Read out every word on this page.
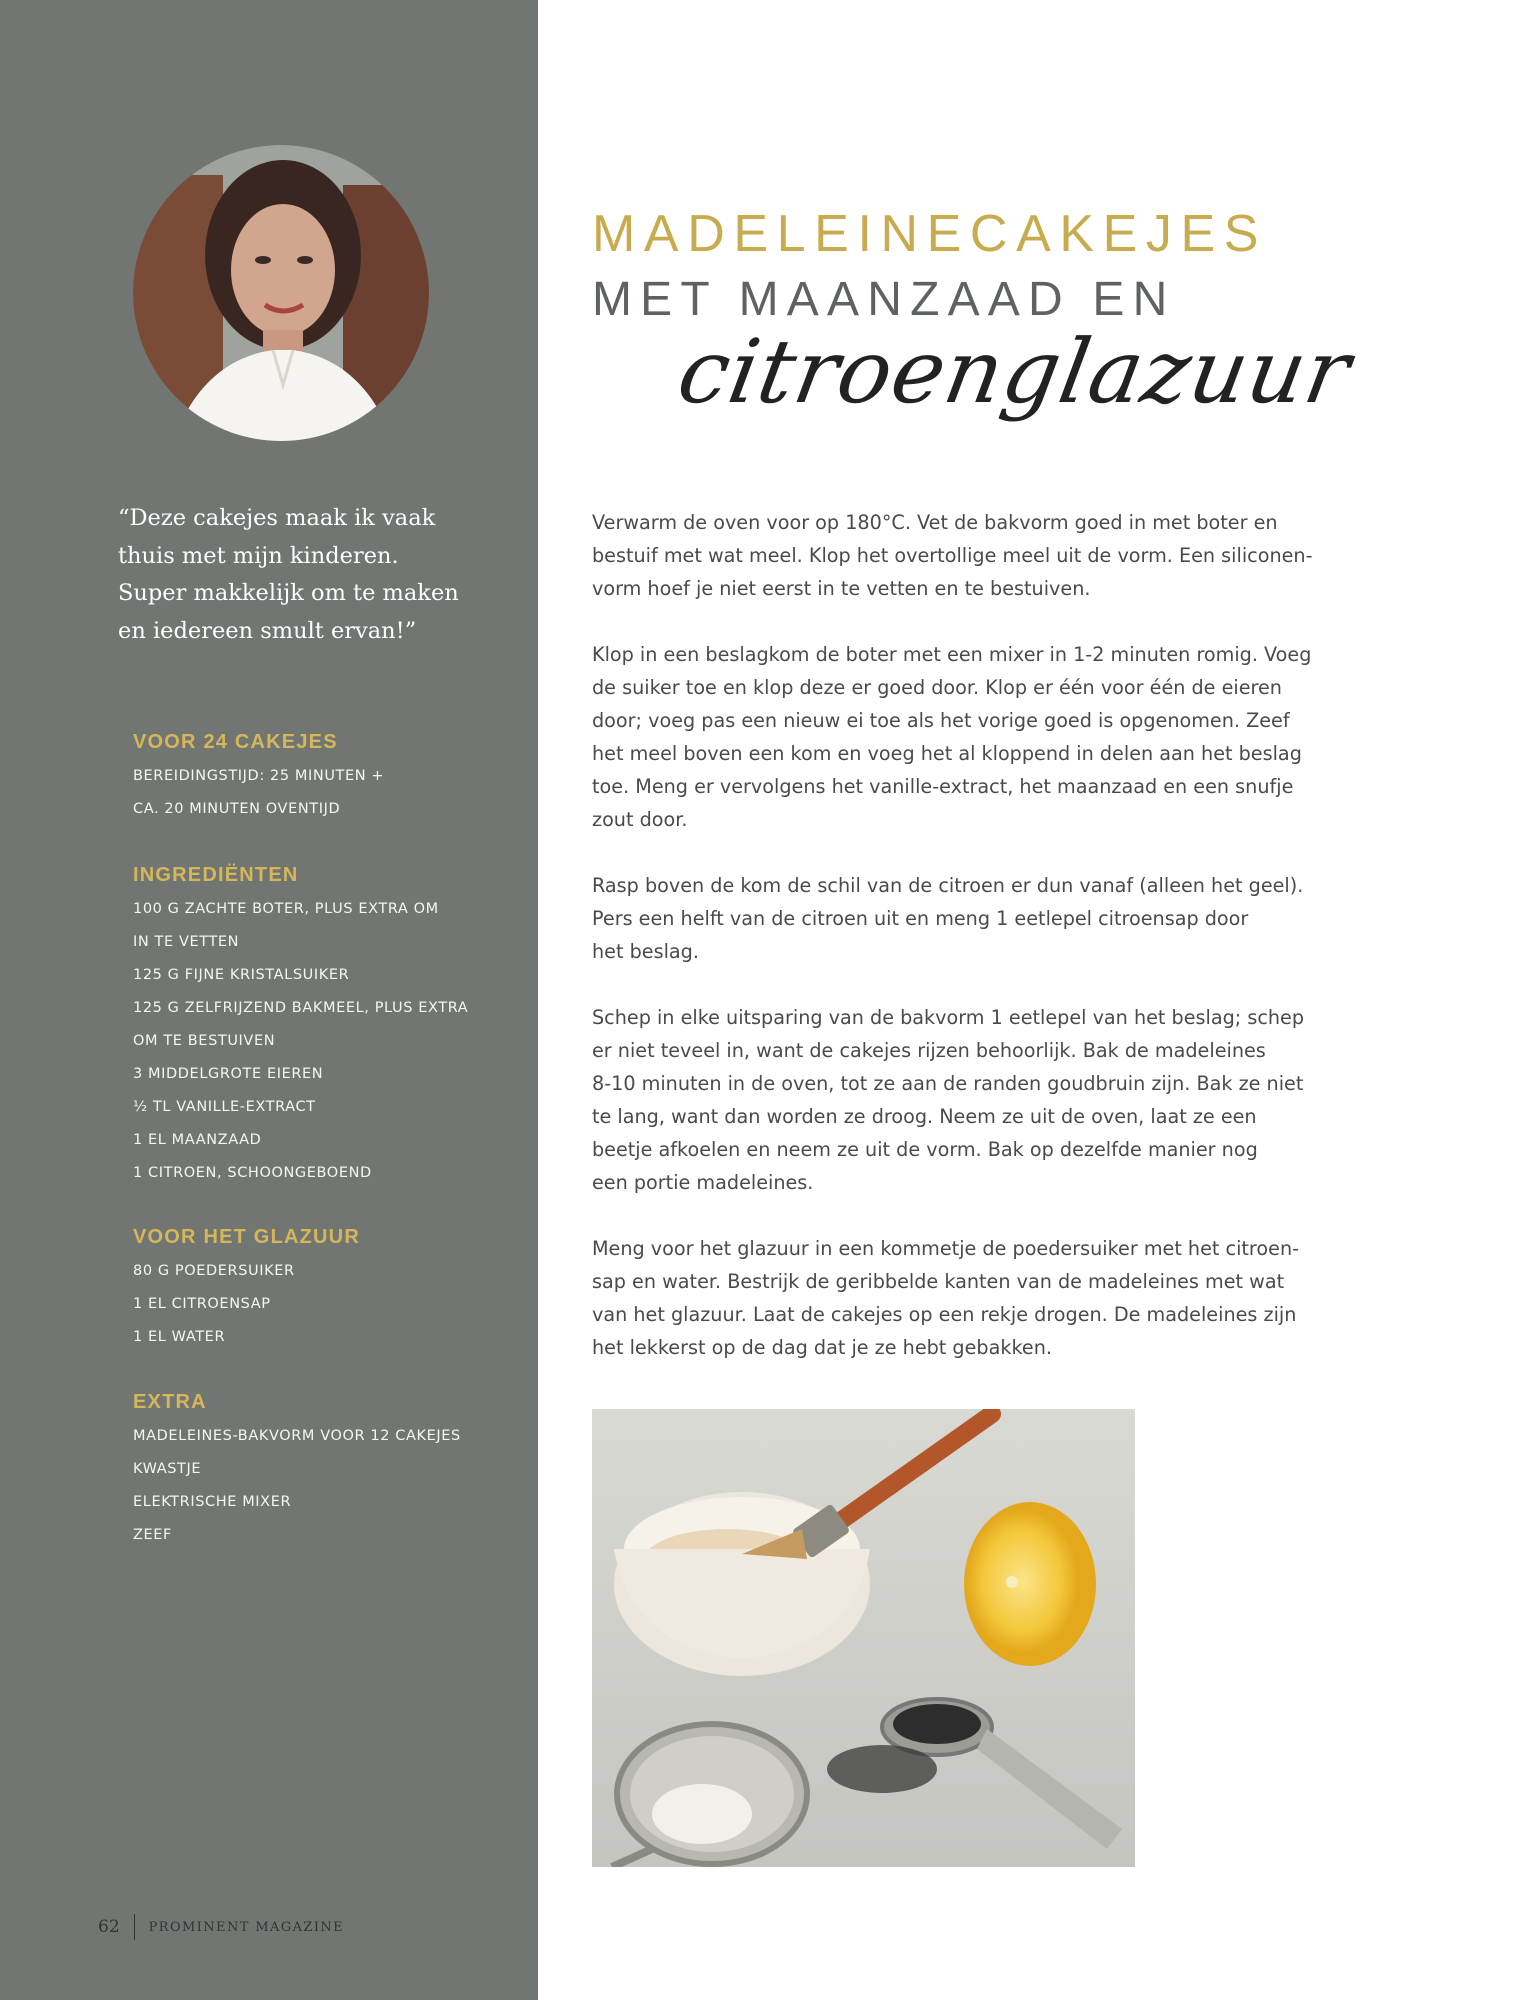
“Deze cakejes maak ik vaak
thuis met mijn kinderen.
Super makkelijk om te maken
en iedereen smult ervan!”

VOOR 24 CAKEJES
BEREIDINGSTIJD: 25 MINUTEN +
CA. 20 MINUTEN OVENTIJD
INGREDIËNTEN
100 G ZACHTE BOTER, PLUS EXTRA OM
IN TE VETTEN
125 G FIJNE KRISTALSUIKER
125 G ZELFRIJZEND BAKMEEL, PLUS EXTRA
OM TE BESTUIVEN
3 MIDDELGROTE EIEREN
½ TL VANILLE-EXTRACT
1 EL MAANZAAD
1 CITROEN, SCHOONGEBOEND
VOOR HET GLAZUUR
80 G POEDERSUIKER
1 EL CITROENSAP
1 EL WATER
EXTRA
MADELEINES-BAKVORM VOOR 12 CAKEJES
KWASTJE
ELEKTRISCHE MIXER
ZEEF
62 PROMINENT MAGAZINE
MADELEINECAKEJES
MET MAANZAAD EN
citroenglazuur

Verwarm de oven voor op 180°C. Vet de bakvorm goed in met boter en
bestuif met wat meel. Klop het overtollige meel uit de vorm. Een siliconen-
vorm hoef je niet eerst in te vetten en te bestuiven.

Klop in een beslagkom de boter met een mixer in 1-2 minuten romig. Voeg
de suiker toe en klop deze er goed door. Klop er één voor één de eieren
door; voeg pas een nieuw ei toe als het vorige goed is opgenomen. Zeef
het meel boven een kom en voeg het al kloppend in delen aan het beslag
toe. Meng er vervolgens het vanille-extract, het maanzaad en een snufje
zout door.

Rasp boven de kom de schil van de citroen er dun vanaf (alleen het geel).
Pers een helft van de citroen uit en meng 1 eetlepel citroensap door
het beslag.

Schep in elke uitsparing van de bakvorm 1 eetlepel van het beslag; schep
er niet teveel in, want de cakejes rijzen behoorlijk. Bak de madeleines
8-10 minuten in de oven, tot ze aan de randen goudbruin zijn. Bak ze niet
te lang, want dan worden ze droog. Neem ze uit de oven, laat ze een
beetje afkoelen en neem ze uit de vorm. Bak op dezelfde manier nog
een portie madeleines.

Meng voor het glazuur in een kommetje de poedersuiker met het citroen-
sap en water. Bestrijk de geribbelde kanten van de madeleines met wat
van het glazuur. Laat de cakejes op een rekje drogen. De madeleines zijn
het lekkerst op de dag dat je ze hebt gebakken.
